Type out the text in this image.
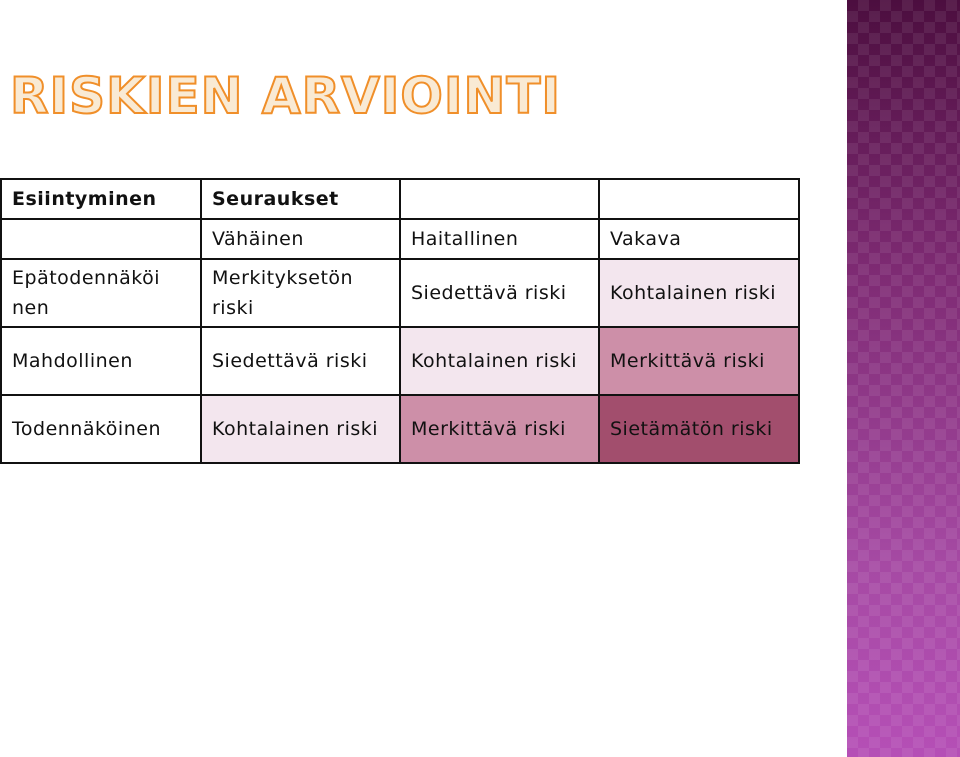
RISKIEN ARVIOINTI
Esiintyminen	Seuraukset		
	Vähäinen	Haitallinen	Vakava
Epätodennäköi nen	Merkityksetön riski	Siedettävä riski	Kohtalainen riski
Mahdollinen	Siedettävä riski	Kohtalainen riski	Merkittävä riski
Todennäköinen	Kohtalainen riski	Merkittävä riski	Sietämätön riski
